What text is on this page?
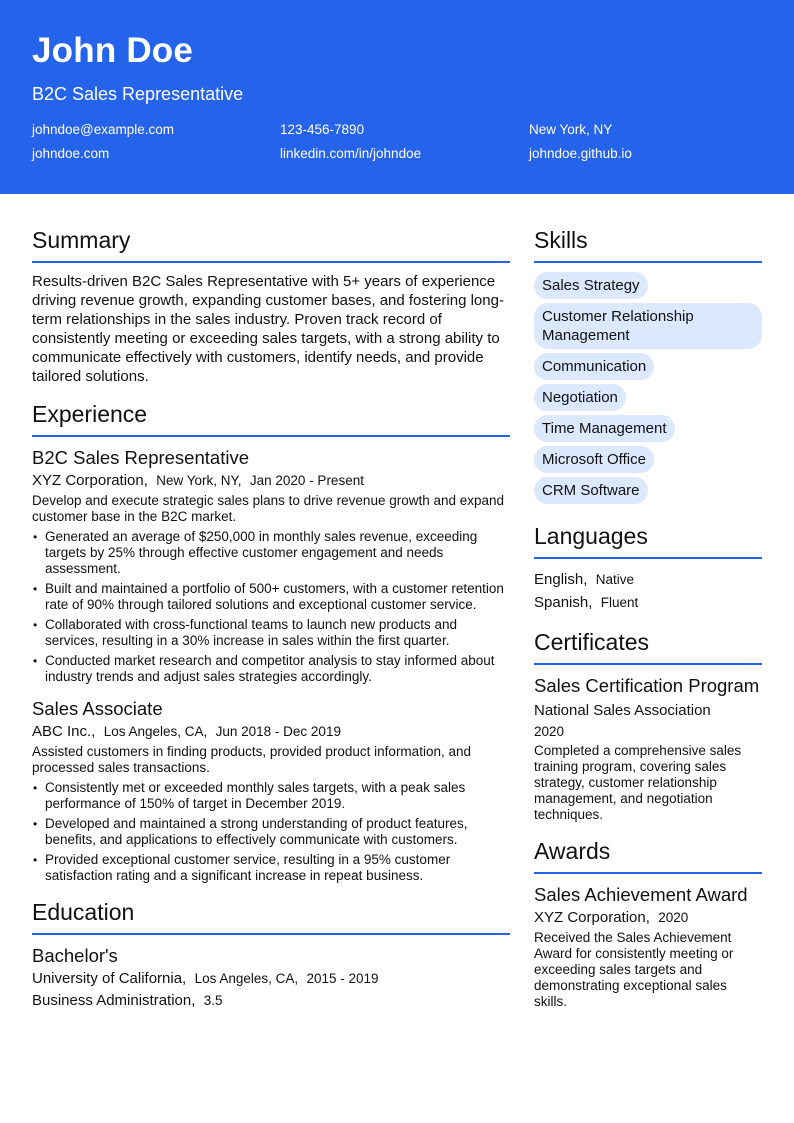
John Doe
B2C Sales Representative
johndoe@example.com	123-456-7890	New York, NY
johndoe.com	linkedin.com/in/johndoe	johndoe.github.io
Summary
Results-driven B2C Sales Representative with 5+ years of experience driving revenue growth, expanding customer bases, and fostering long-term relationships in the sales industry. Proven track record of consistently meeting or exceeding sales targets, with a strong ability to communicate effectively with customers, identify needs, and provide tailored solutions.
Experience
B2C Sales Representative
XYZ Corporation, New York, NY, Jan 2020 - Present
Develop and execute strategic sales plans to drive revenue growth and expand customer base in the B2C market.
• Generated an average of $250,000 in monthly sales revenue, exceeding targets by 25% through effective customer engagement and needs assessment.
• Built and maintained a portfolio of 500+ customers, with a customer retention rate of 90% through tailored solutions and exceptional customer service.
• Collaborated with cross-functional teams to launch new products and services, resulting in a 30% increase in sales within the first quarter.
• Conducted market research and competitor analysis to stay informed about industry trends and adjust sales strategies accordingly.
Sales Associate
ABC Inc., Los Angeles, CA, Jun 2018 - Dec 2019
Assisted customers in finding products, provided product information, and processed sales transactions.
• Consistently met or exceeded monthly sales targets, with a peak sales performance of 150% of target in December 2019.
• Developed and maintained a strong understanding of product features, benefits, and applications to effectively communicate with customers.
• Provided exceptional customer service, resulting in a 95% customer satisfaction rating and a significant increase in repeat business.
Education
Bachelor's
University of California, Los Angeles, CA, 2015 - 2019
Business Administration, 3.5
Skills
Sales Strategy
Customer Relationship Management
Communication
Negotiation
Time Management
Microsoft Office
CRM Software
Languages
English, Native
Spanish, Fluent
Certificates
Sales Certification Program
National Sales Association
2020
Completed a comprehensive sales training program, covering sales strategy, customer relationship management, and negotiation techniques.
Awards
Sales Achievement Award
XYZ Corporation, 2020
Received the Sales Achievement Award for consistently meeting or exceeding sales targets and demonstrating exceptional sales skills.
